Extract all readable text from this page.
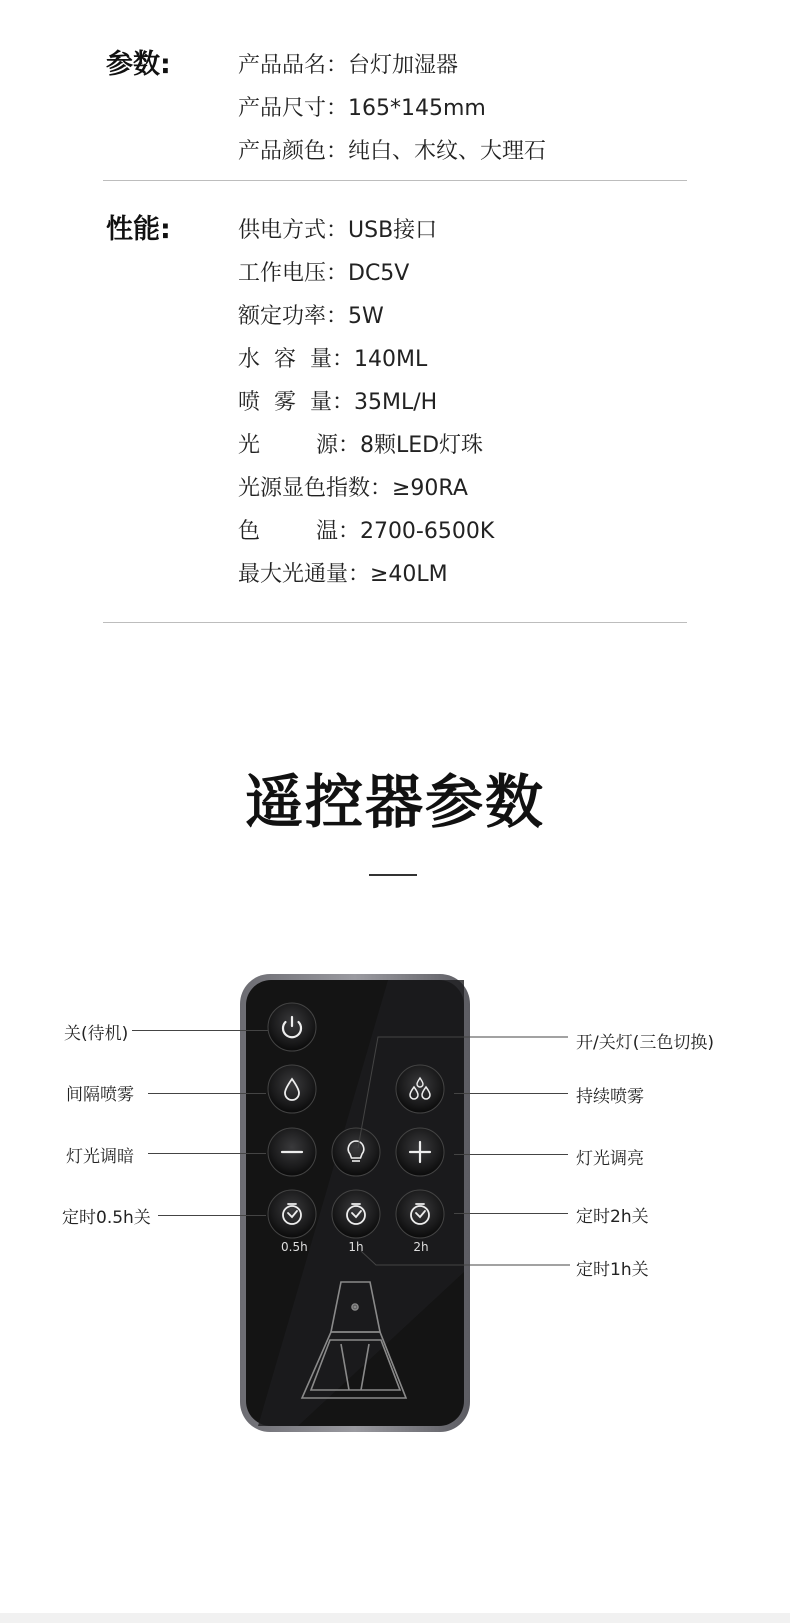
参数:	产品品名：台灯加湿器
产品尺寸：165*145mm
产品颜色：纯白、木纹、大理石
性能:	供电方式：USB接口
工作电压：DC5V
额定功率：5W
水  容  量：140ML
喷  雾  量：35ML/H
光        源：8颗LED灯珠
光源显色指数：≥90RA
色        温：2700-6500K
最大光通量：≥40LM
遥控器参数
0.5h	1h	2h
关(待机)
间隔喷雾
灯光调暗
定时0.5h关
开/关灯(三色切换)
持续喷雾
灯光调亮
定时2h关
定时1h关
